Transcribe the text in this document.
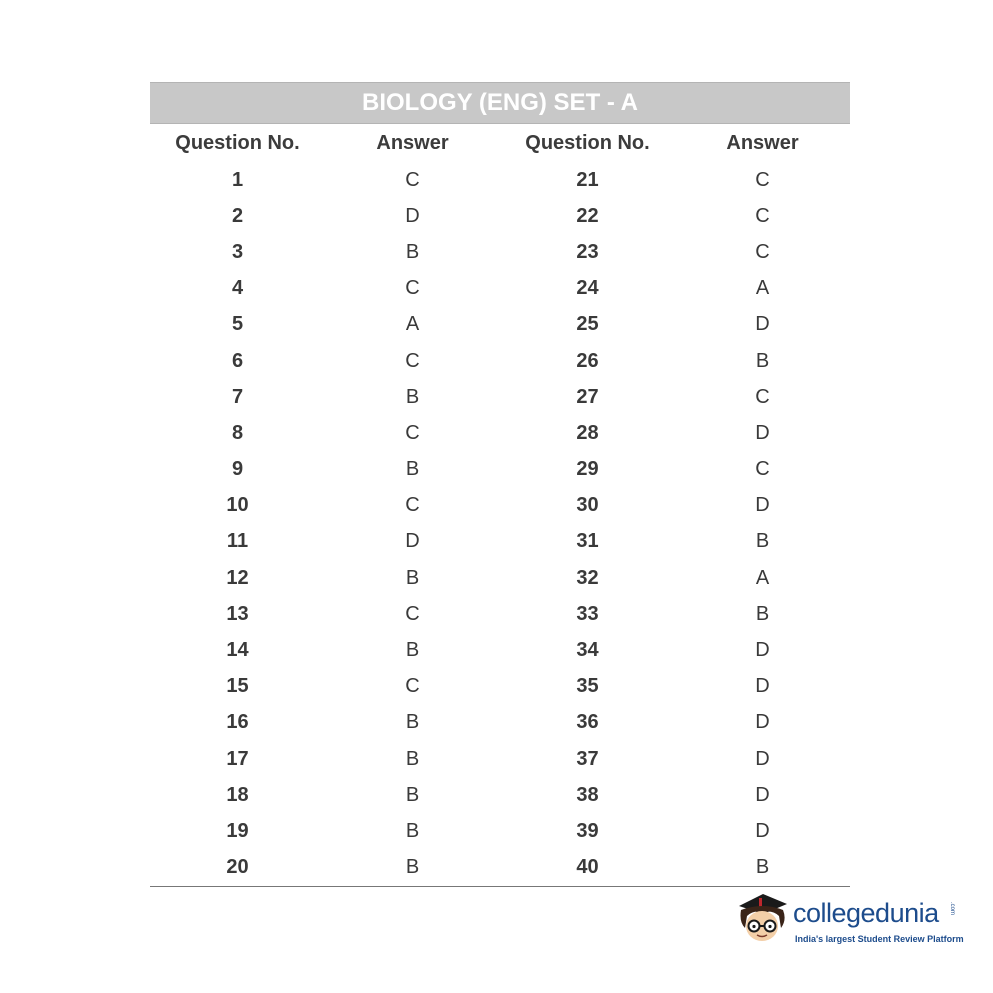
BIOLOGY (ENG) SET - A
Question No.	Answer	Question No.	Answer
1	C	21	C
2	D	22	C
3	B	23	C
4	C	24	A
5	A	25	D
6	C	26	B
7	B	27	C
8	C	28	D
9	B	29	C
10	C	30	D
11	D	31	B
12	B	32	A
13	C	33	B
14	B	34	D
15	C	35	D
16	B	36	D
17	B	37	D
18	B	38	D
19	B	39	D
20	B	40	B
collegedunia .com
India's largest Student Review Platform
